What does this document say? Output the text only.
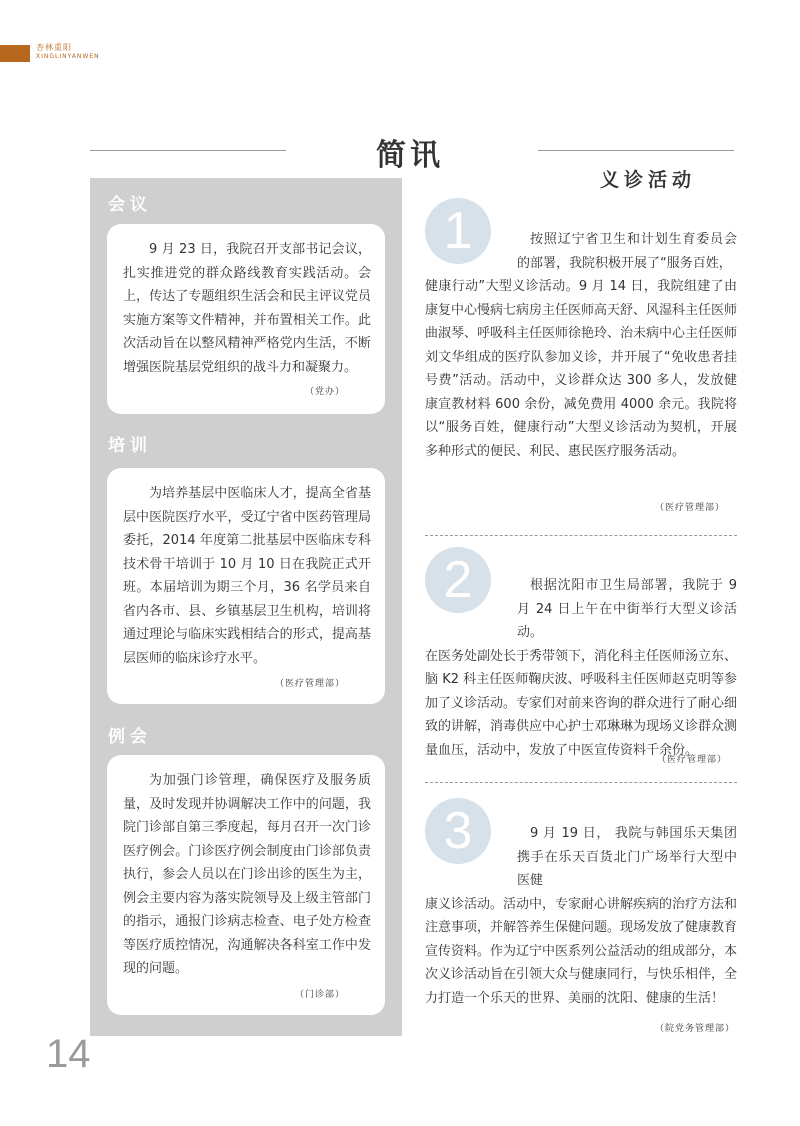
杏林重阳
XINGLINYANWEN
简讯
义诊活动
会议

9 月 23 日，我院召开支部书记会议，扎实推进党的群众路线教育实践活动。会上，传达了专题组织生活会和民主评议党员实施方案等文件精神，并布置相关工作。此次活动旨在以整风精神严格党内生活，不断增强医院基层党组织的战斗力和凝聚力。

（党办）
培训

为培养基层中医临床人才，提高全省基层中医院医疗水平，受辽宁省中医药管理局委托，2014 年度第二批基层中医临床专科技术骨干培训于 10 月 10 日在我院正式开班。本届培训为期三个月，36 名学员来自省内各市、县、乡镇基层卫生机构，培训将通过理论与临床实践相结合的形式，提高基层医师的临床诊疗水平。

（医疗管理部）
例会

为加强门诊管理，确保医疗及服务质量，及时发现并协调解决工作中的问题，我院门诊部自第三季度起，每月召开一次门诊医疗例会。门诊医疗例会制度由门诊部负责执行，参会人员以在门诊出诊的医生为主，例会主要内容为落实院领导及上级主管部门的指示，通报门诊病志检查、电子处方检查等医疗质控情况，沟通解决各科室工作中发现的问题。

（门诊部）
1	按照辽宁省卫生和计划生育委员会的部署，我院积极开展了“服务百姓，
健康行动”大型义诊活动。9 月 14 日，我院组建了由康复中心慢病七病房主任医师高天舒、风湿科主任医师曲淑琴、呼吸科主任医师徐艳玲、治未病中心主任医师刘文华组成的医疗队参加义诊，并开展了“免收患者挂号费”活动。活动中，义诊群众达 300 多人，发放健康宣教材料 600 余份，减免费用 4000 余元。我院将以“服务百姓，健康行动”大型义诊活动为契机，开展多种形式的便民、利民、惠民医疗服务活动。
（医疗管理部）
2	根据沈阳市卫生局部署，我院于 9 月 24 日上午在中街举行大型义诊活动。
在医务处副处长于秀带领下，消化科主任医师汤立东、脑 K2 科主任医师鞠庆波、呼吸科主任医师赵克明等参加了义诊活动。专家们对前来咨询的群众进行了耐心细致的讲解，消毒供应中心护士邓琳琳为现场义诊群众测量血压，活动中，发放了中医宣传资料千余份。
（医疗管理部）
3	9 月 19 日， 我院与韩国乐天集团携手在乐天百货北门广场举行大型中医健
康义诊活动。活动中，专家耐心讲解疾病的治疗方法和注意事项，并解答养生保健问题。现场发放了健康教育宣传资料。作为辽宁中医系列公益活动的组成部分，本次义诊活动旨在引领大众与健康同行，与快乐相伴，全力打造一个乐天的世界、美丽的沈阳、健康的生活！
（院党务管理部）
14
